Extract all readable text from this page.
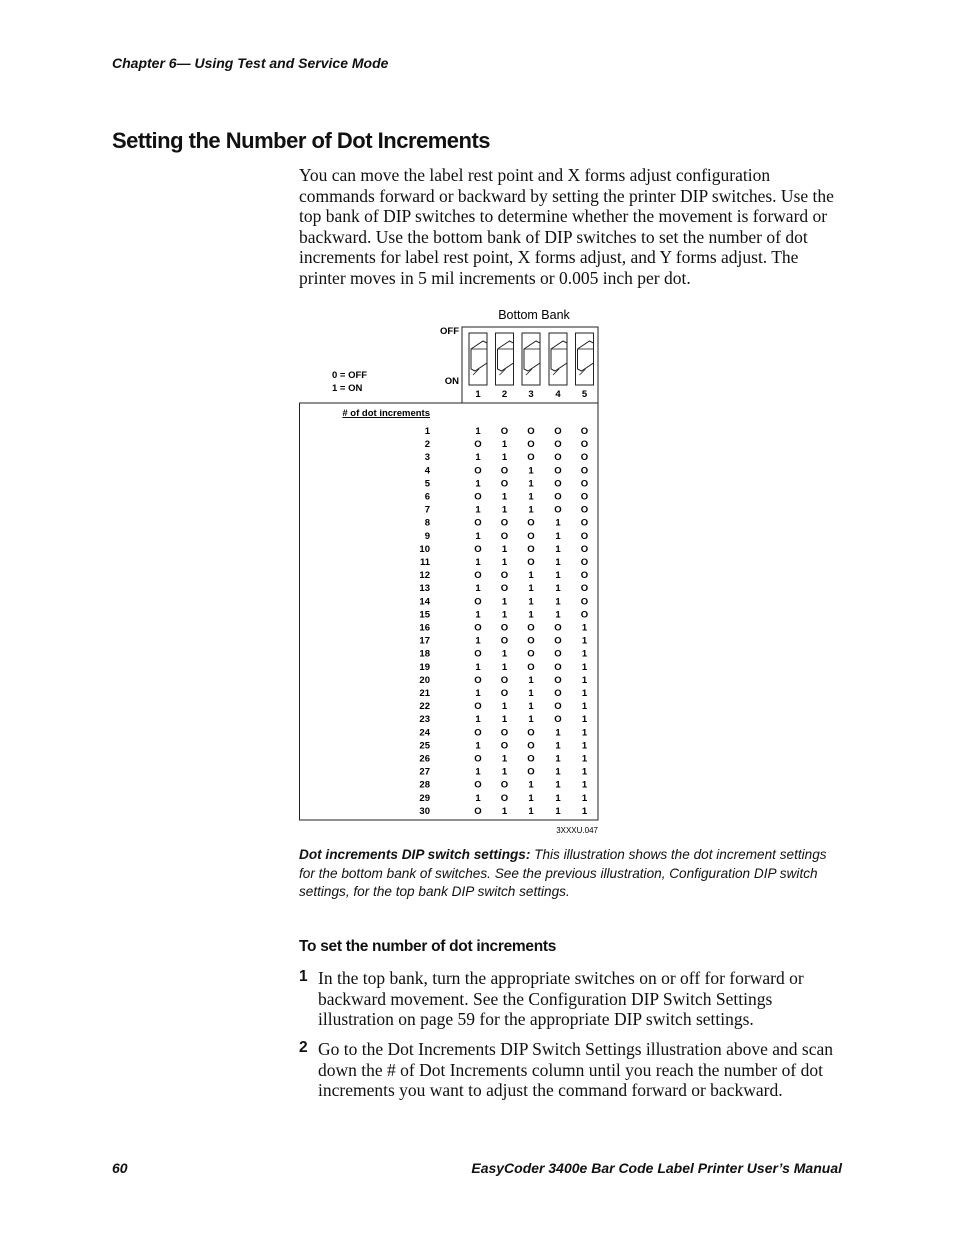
Chapter 6— Using Test and Service Mode
Setting the Number of Dot Increments

You can move the label rest point and X forms adjust configuration commands forward or backward by setting the printer DIP switches. Use the top bank of DIP switches to determine whether the movement is forward or backward. Use the bottom bank of DIP switches to set the number of dot increments for label rest point, X forms adjust, and Y forms adjust. The printer moves in 5 mil increments or 0.005 inch per dot.

Bottom Bank
OFF
ON
0 = OFF
1 = ON
1 2 3 4 5
# of dot increments
1	1 O O O O
2	O 1 O O O
3	1 1 O O O
4	O O 1 O O
5	1 O 1 O O
6	O 1 1 O O
7	1 1 1 O O
8	O O O 1 O
9	1 O O 1 O
10	O 1 O 1 O
11	1 1 O 1 O
12	O O 1 1 O
13	1 O 1 1 O
14	O 1 1 1 O
15	1 1 1 1 O
16	O O O O 1
17	1 O O O 1
18	O 1 O O 1
19	1 1 O O 1
20	O O 1 O 1
21	1 O 1 O 1
22	O 1 1 O 1
23	1 1 1 O 1
24	O O O 1 1
25	1 O O 1 1
26	O 1 O 1 1
27	1 1 O 1 1
28	O O 1 1 1
29	1 O 1 1 1
30	O 1 1 1 1
3XXXU.047

Dot increments DIP switch settings: This illustration shows the dot increment settings for the bottom bank of switches. See the previous illustration, Configuration DIP switch settings, for the top bank DIP switch settings.

To set the number of dot increments
1 In the top bank, turn the appropriate switches on or off for forward or backward movement. See the Configuration DIP Switch Settings illustration on page 59 for the appropriate DIP switch settings.

2 Go to the Dot Increments DIP Switch Settings illustration above and scan down the # of Dot Increments column until you reach the number of dot increments you want to adjust the command forward or backward.

60	EasyCoder 3400e Bar Code Label Printer User’s Manual
